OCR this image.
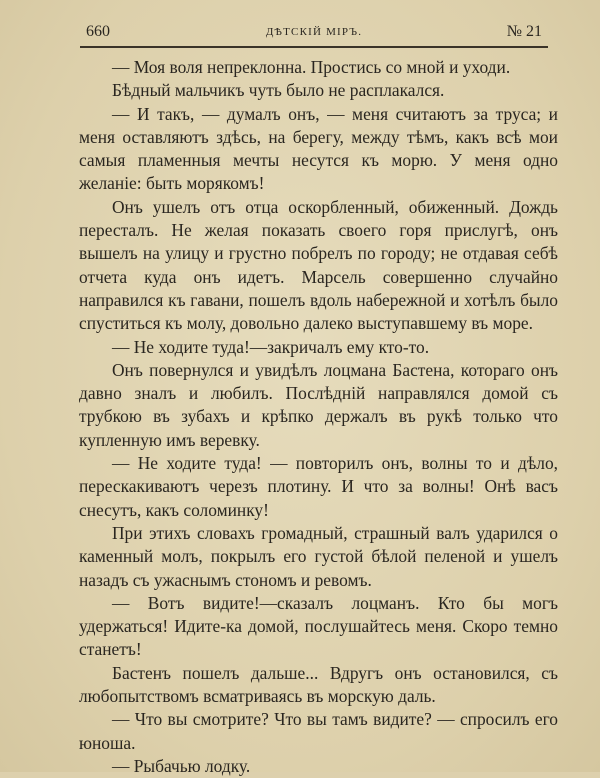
660	ДѢТСКІЙ МІРЪ.	№ 21

— Моя воля непреклонна. Простись со мной и уходи.

Бѣдный мальчикъ чуть было не расплакался.

— И такъ, — думалъ онъ, — меня считаютъ за труса; и меня оставляютъ здѣсь, на берегу, между тѣмъ, какъ всѣ мои самыя пламенныя мечты несутся къ морю. У меня одно желаніе: быть морякомъ!

Онъ ушелъ отъ отца оскорбленный, обиженный. Дождь пересталъ. Не желая показать своего горя прислугѣ, онъ вышелъ на улицу и грустно побрелъ по городу; не отдавая себѣ отчета куда онъ идетъ. Марсель совершенно случайно направился къ гавани, пошелъ вдоль набережной и хотѣлъ было спуститься къ молу, довольно далеко выступавшему въ море.

— Не ходите туда!—закричалъ ему кто-то.

Онъ повернулся и увидѣлъ лоцмана Бастена, котораго онъ давно зналъ и любилъ. Послѣдній направлялся домой съ трубкою въ зубахъ и крѣпко держалъ въ рукѣ только что купленную имъ веревку.

— Не ходите туда! — повторилъ онъ, волны то и дѣло, перескакиваютъ черезъ плотину. И что за волны! Онѣ васъ снесутъ, какъ соломинку!

При этихъ словахъ громадный, страшный валъ ударился о каменный молъ, покрылъ его густой бѣлой пеленой и ушелъ назадъ съ ужаснымъ стономъ и ревомъ.

— Вотъ видите!—сказалъ лоцманъ. Кто бы могъ удержаться! Идите-ка домой, послушайтесь меня. Скоро темно станетъ!

Бастенъ пошелъ дальше... Вдругъ онъ остановился, съ любопытствомъ всматриваясь въ морскую даль.

— Что вы смотрите? Что вы тамъ видите? — спросилъ его юноша.

— Рыбачью лодку.
